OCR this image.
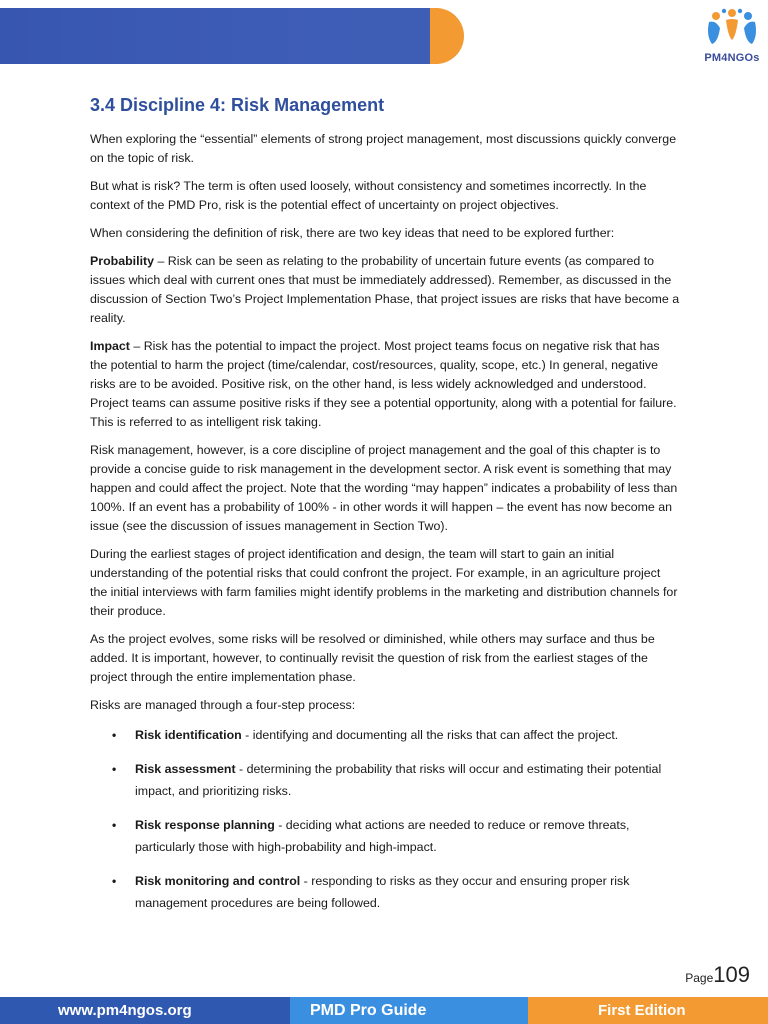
PM4NGOs
3.4 Discipline 4: Risk Management

When exploring the “essential” elements of strong project management, most discussions quickly converge on the topic of risk.

But what is risk? The term is often used loosely, without consistency and sometimes incorrectly. In the context of the PMD Pro, risk is the potential effect of uncertainty on project objectives.

When considering the definition of risk, there are two key ideas that need to be explored further:

Probability – Risk can be seen as relating to the probability of uncertain future events (as compared to issues which deal with current ones that must be immediately addressed). Remember, as discussed in the discussion of Section Two’s Project Implementation Phase, that project issues are risks that have become a reality.

Impact – Risk has the potential to impact the project. Most project teams focus on negative risk that has the potential to harm the project (time/calendar, cost/resources, quality, scope, etc.) In general, negative risks are to be avoided. Positive risk, on the other hand, is less widely acknowledged and understood. Project teams can assume positive risks if they see a potential opportunity, along with a potential for failure. This is referred to as intelligent risk taking.

Risk management, however, is a core discipline of project management and the goal of this chapter is to provide a concise guide to risk management in the development sector. A risk event is something that may happen and could affect the project. Note that the wording “may happen” indicates a probability of less than 100%. If an event has a probability of 100% - in other words it will happen – the event has now become an issue (see the discussion of issues management in Section Two).

During the earliest stages of project identification and design, the team will start to gain an initial understanding of the potential risks that could confront the project. For example, in an agriculture project the initial interviews with farm families might identify problems in the marketing and distribution channels for their produce.

As the project evolves, some risks will be resolved or diminished, while others may surface and thus be added. It is important, however, to continually revisit the question of risk from the earliest stages of the project through the entire implementation phase.

Risks are managed through a four-step process:

• Risk identification - identifying and documenting all the risks that can affect the project.
• Risk assessment - determining the probability that risks will occur and estimating their potential impact, and prioritizing risks.
• Risk response planning - deciding what actions are needed to reduce or remove threats, particularly those with high-probability and high-impact.
• Risk monitoring and control - responding to risks as they occur and ensuring proper risk management procedures are being followed.
Page109
www.pm4ngos.org	PMD Pro Guide	First Edition
